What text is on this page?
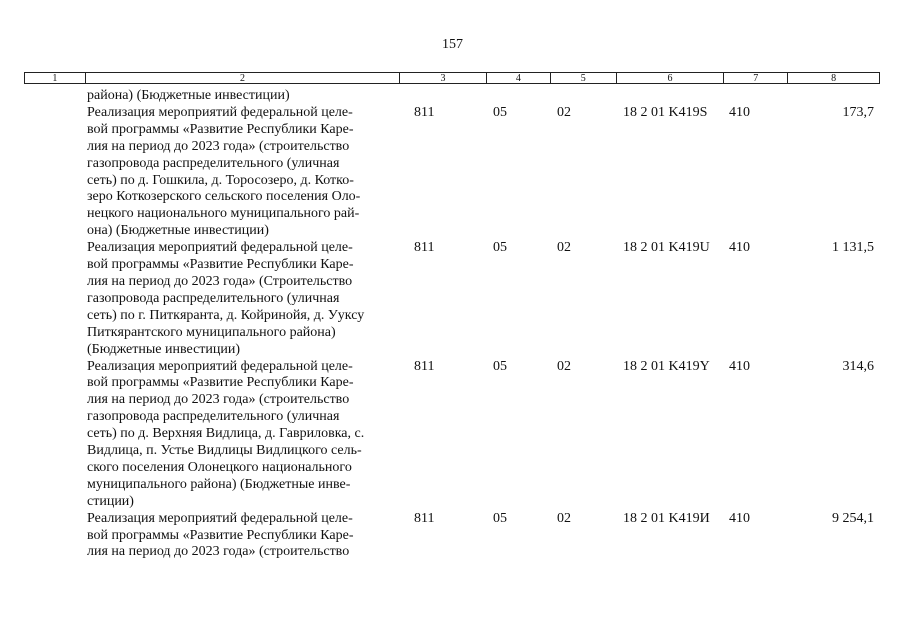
157
1	2	3	4	5	6	7	8
района) (Бюджетные инвестиции)
Реализация мероприятий федеральной целе-
вой программы «Развитие Республики Каре-
лия на период до 2023 года» (строительство
газопровода распределительного (уличная
сеть) по д. Гошкила, д. Торосозеро, д. Котко-
зеро Коткозерского сельского поселения Оло-
нецкого национального муниципального рай-
она) (Бюджетные инвестиции)
811	05	02	18 2 01 K419S	410	173,7
Реализация мероприятий федеральной целе-
вой программы «Развитие Республики Каре-
лия на период до 2023 года» (Строительство
газопровода распределительного (уличная
сеть) по г. Питкяранта, д. Койринойя, д. Ууксу
Питкярантского муниципального района)
(Бюджетные инвестиции)
811	05	02	18 2 01 K419U	410	1 131,5
Реализация мероприятий федеральной целе-
вой программы «Развитие Республики Каре-
лия на период до 2023 года» (строительство
газопровода распределительного (уличная
сеть) по д. Верхняя Видлица, д. Гавриловка, с.
Видлица, п. Устье Видлицы Видлицкого сель-
ского поселения Олонецкого национального
муниципального района) (Бюджетные инве-
стиции)
811	05	02	18 2 01 K419Y	410	314,6
Реализация мероприятий федеральной целе-
вой программы «Развитие Республики Каре-
лия на период до 2023 года» (строительство
811	05	02	18 2 01 K419И	410	9 254,1
